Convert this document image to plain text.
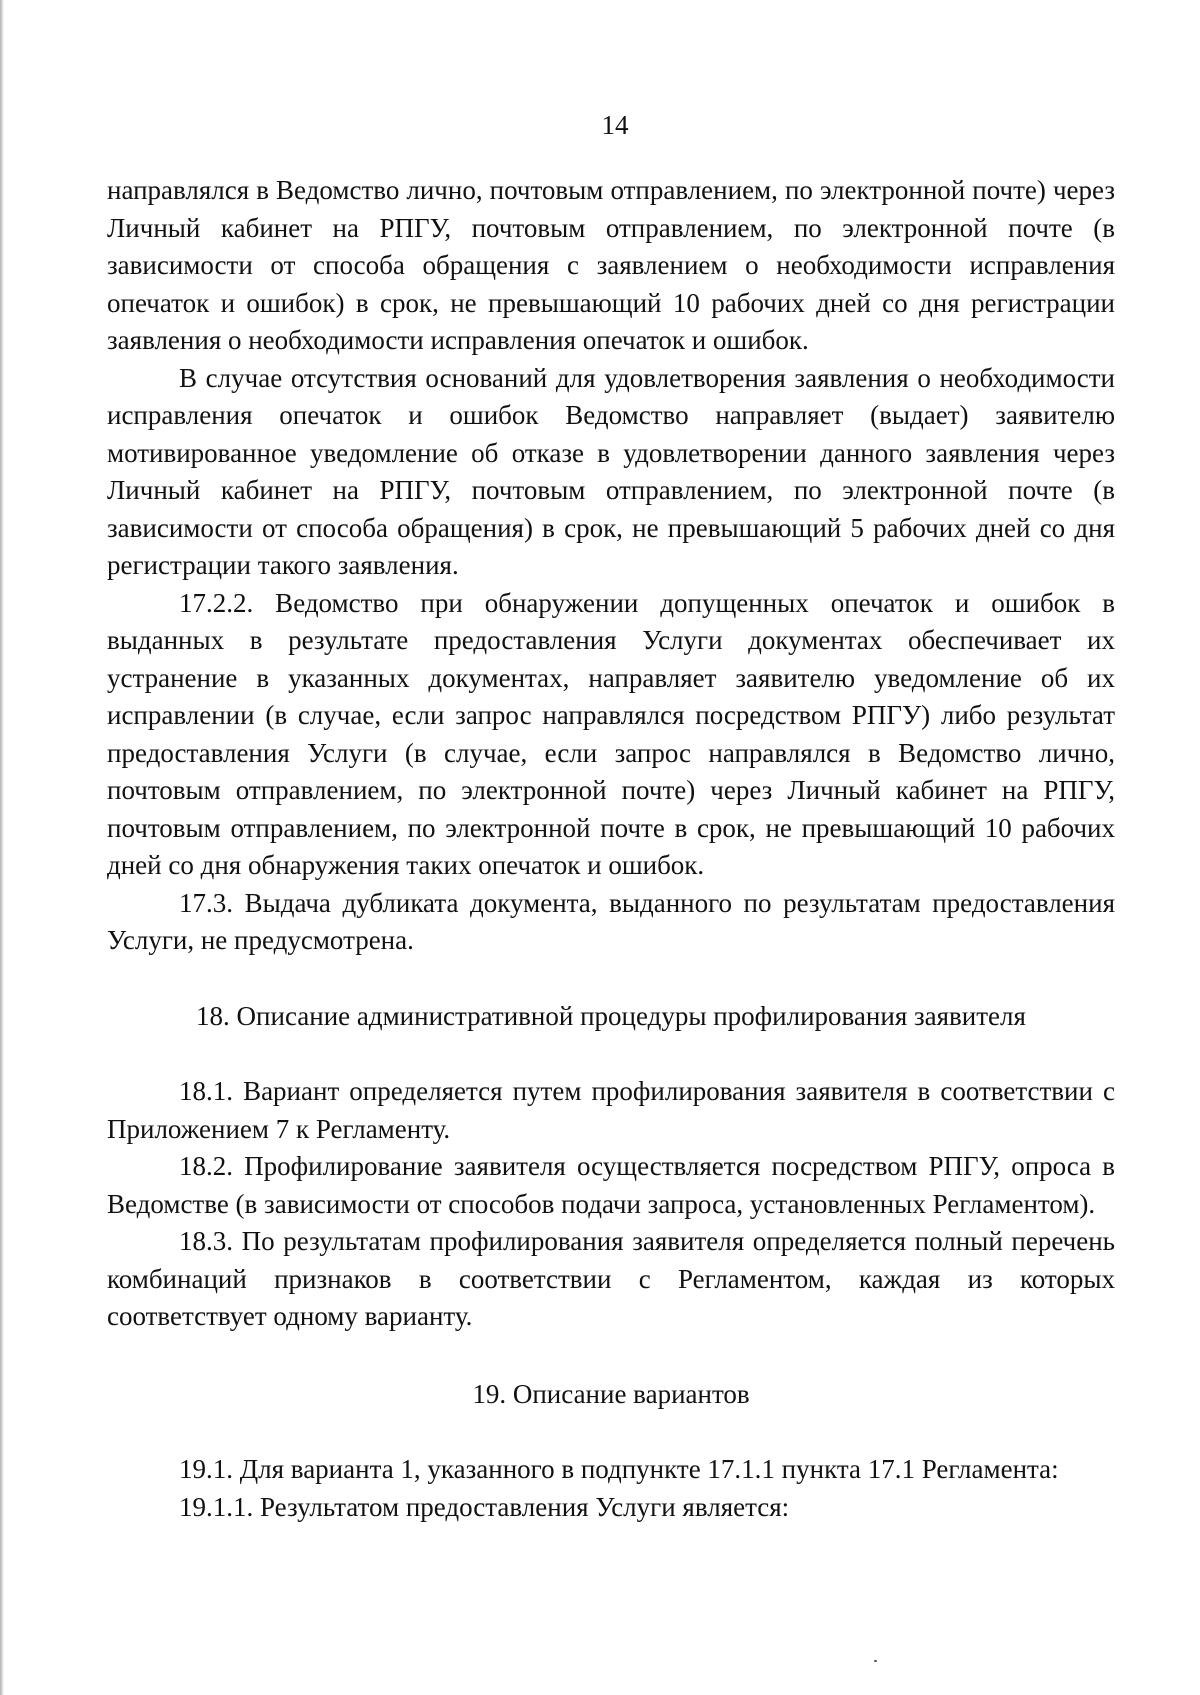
14

направлялся в Ведомство лично, почтовым отправлением, по электронной почте) через Личный кабинет на РПГУ, почтовым отправлением, по электронной почте (в зависимости от способа обращения с заявлением о необходимости исправления опечаток и ошибок) в срок, не превышающий 10 рабочих дней со дня регистрации заявления о необходимости исправления опечаток и ошибок.

В случае отсутствия оснований для удовлетворения заявления о необходимости исправления опечаток и ошибок Ведомство направляет (выдает) заявителю мотивированное уведомление об отказе в удовлетворении данного заявления через Личный кабинет на РПГУ, почтовым отправлением, по электронной почте (в зависимости от способа обращения) в срок, не превышающий 5 рабочих дней со дня регистрации такого заявления.

17.2.2. Ведомство при обнаружении допущенных опечаток и ошибок в выданных в результате предоставления Услуги документах обеспечивает их устранение в указанных документах, направляет заявителю уведомление об их исправлении (в случае, если запрос направлялся посредством РПГУ) либо результат предоставления Услуги (в случае, если запрос направлялся в Ведомство лично, почтовым отправлением, по электронной почте) через Личный кабинет на РПГУ, почтовым отправлением, по электронной почте в срок, не превышающий 10 рабочих дней со дня обнаружения таких опечаток и ошибок.

17.3. Выдача дубликата документа, выданного по результатам предоставления Услуги, не предусмотрена.

18. Описание административной процедуры профилирования заявителя

18.1. Вариант определяется путем профилирования заявителя в соответствии с Приложением 7 к Регламенту.

18.2. Профилирование заявителя осуществляется посредством РПГУ, опроса в Ведомстве (в зависимости от способов подачи запроса, установленных Регламентом).

18.3. По результатам профилирования заявителя определяется полный перечень комбинаций признаков в соответствии с Регламентом, каждая из которых соответствует одному варианту.

19. Описание вариантов

19.1. Для варианта 1, указанного в подпункте 17.1.1 пункта 17.1 Регламента:

19.1.1. Результатом предоставления Услуги является:
